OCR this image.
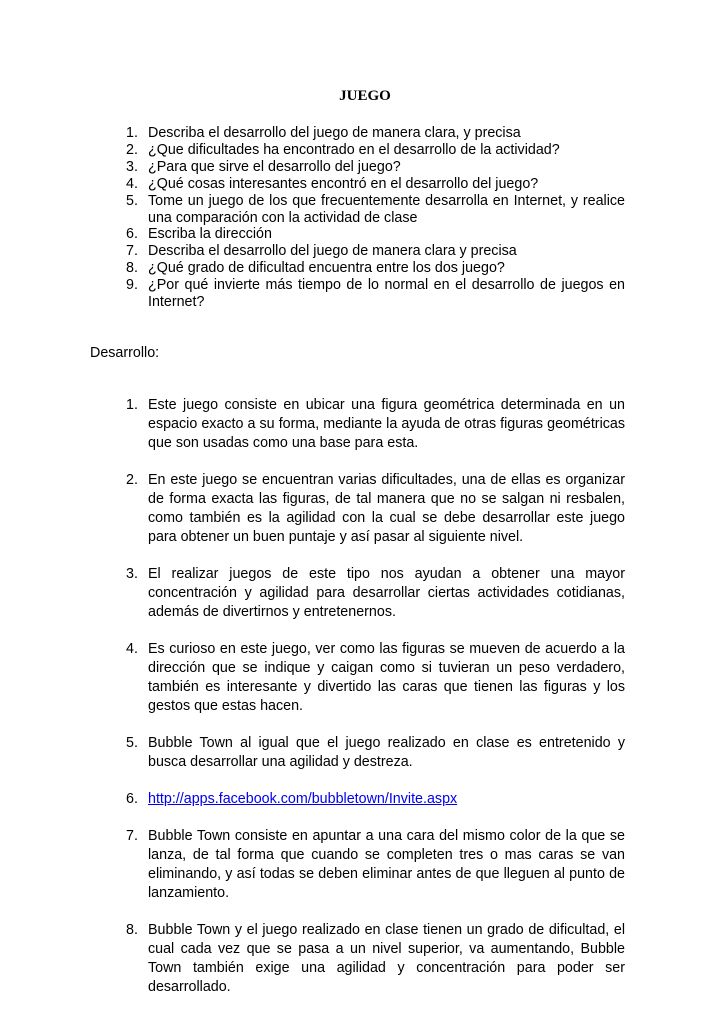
JUEGO
1. Describa el desarrollo del juego de manera clara, y precisa
2. ¿Que dificultades ha encontrado en el desarrollo de la actividad?
3. ¿Para que sirve el desarrollo del juego?
4. ¿Qué cosas interesantes encontró en el desarrollo del juego?
5. Tome un juego de los que frecuentemente desarrolla en Internet, y realice una comparación con la actividad de clase
6. Escriba la dirección
7. Describa el desarrollo del juego de manera clara y precisa
8. ¿Qué grado de dificultad encuentra entre los dos juego?
9. ¿Por qué invierte más tiempo de lo normal en el desarrollo de juegos en Internet?
Desarrollo:
1. Este juego consiste en ubicar una figura geométrica determinada en un espacio exacto a su forma, mediante la ayuda de otras figuras geométricas que son usadas como una base para esta.
2. En este juego se encuentran varias dificultades, una de ellas es organizar de forma exacta las figuras, de tal manera que no se salgan ni resbalen, como también es la agilidad con la cual se debe desarrollar este juego para obtener un buen puntaje y así pasar al siguiente nivel.
3. El realizar juegos de este tipo nos ayudan a obtener una mayor concentración y agilidad para desarrollar ciertas actividades cotidianas, además de divertirnos y entretenernos.
4. Es curioso en este juego, ver como las figuras se mueven de acuerdo a la dirección que se indique y caigan como si tuvieran un peso verdadero, también es interesante y divertido las caras que tienen las figuras y los gestos que estas hacen.
5. Bubble Town al igual que el juego realizado en clase es entretenido y busca desarrollar una agilidad y destreza.
6. http://apps.facebook.com/bubbletown/Invite.aspx
7. Bubble Town consiste en apuntar a una cara del mismo color de la que se lanza, de tal forma que cuando se completen tres o mas caras se van eliminando, y así todas se deben eliminar antes de que lleguen al punto de lanzamiento.
8. Bubble Town y el juego realizado en clase tienen un grado de dificultad, el cual cada vez que se pasa a un nivel superior, va aumentando, Bubble Town también exige una agilidad y concentración para poder ser desarrollado.
